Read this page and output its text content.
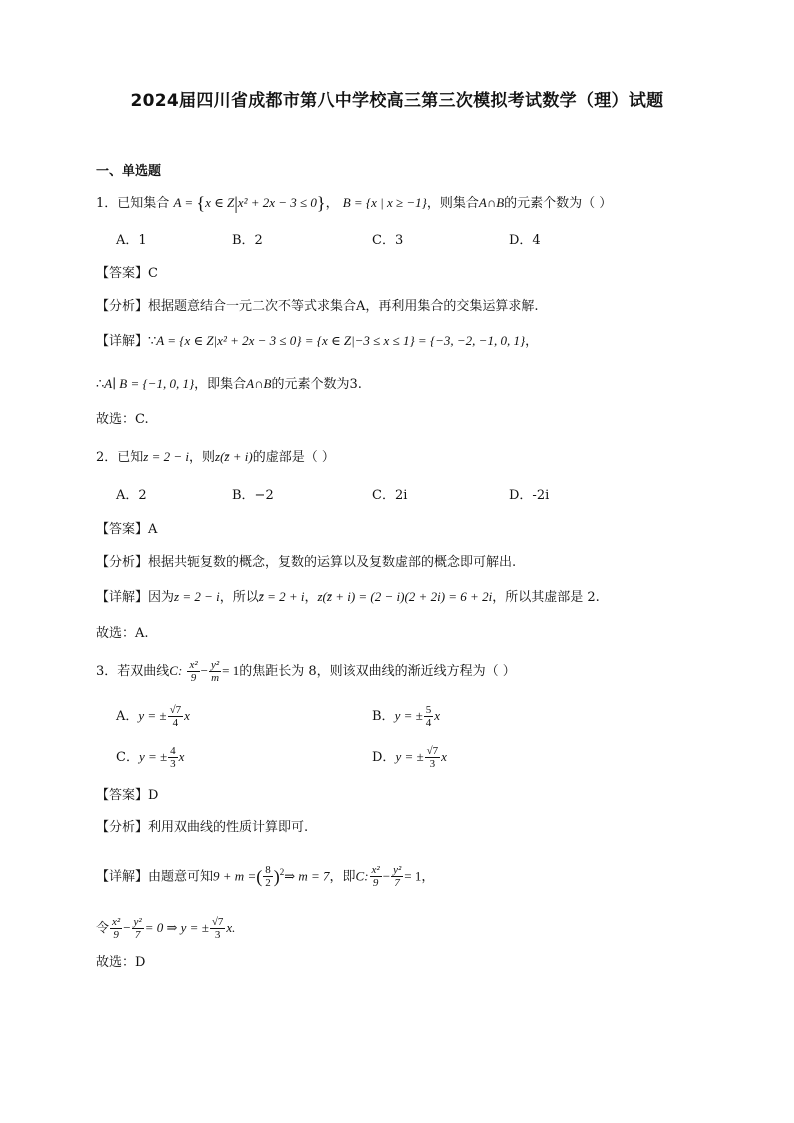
2024届四川省成都市第八中学校高三第三次模拟考试数学（理）试题
一、单选题
1．已知集合 A = {x ∈ Z|x² + 2x − 3 ≤ 0}， B = {x | x ≥ −1}，则集合A∩B的元素个数为（ ）
A．1	B．2	C．3	D．4
【答案】C
【分析】根据题意结合一元二次不等式求集合A，再利用集合的交集运算求解.
【详解】∵A = {x ∈ Z|x² + 2x − 3 ≤ 0} = {x ∈ Z|−3 ≤ x ≤ 1} = {−3, −2, −1, 0, 1}，
∴A∣ B = {−1, 0, 1}，即集合A∩B的元素个数为3.
故选：C.
2．已知z = 2 − i，则z(z̄ + i)的虚部是（ ）
A．2	B．−2	C．2i	D．-2i
【答案】A
【分析】根据共轭复数的概念，复数的运算以及复数虚部的概念即可解出.
【详解】因为z = 2 − i，所以z̄ = 2 + i，z(z̄ + i) = (2 − i)(2 + 2i) = 6 + 2i，所以其虚部是 2.
故选：A.
3．若双曲线C: $\frac{\text{x²}}{9} - \frac{\text{y²}}{m} = 1$的焦距长为 8，则该双曲线的渐近线方程为（ ）
A．y = ± $\frac{√7}{4}$ x	B．y = ± $\frac{5}{4}$ x
C．y = ± $\frac{4}{3}$ x	D．y = ± $\frac{√7}{3}$ x
【答案】D
【分析】利用双曲线的性质计算即可.
【详解】由题意可知9 + m =( $\frac{8}{2}$ )$^2$⇒ m = 7，即C: $\frac{\text{x²}}{9} - \frac{\text{y²}}{7} = 1$，
令 $\frac{\text{x²}}{9} - \frac{\text{y²}}{7} = 0$ ⇒ y = ± $\frac{√7}{3} x$.
故选：D
